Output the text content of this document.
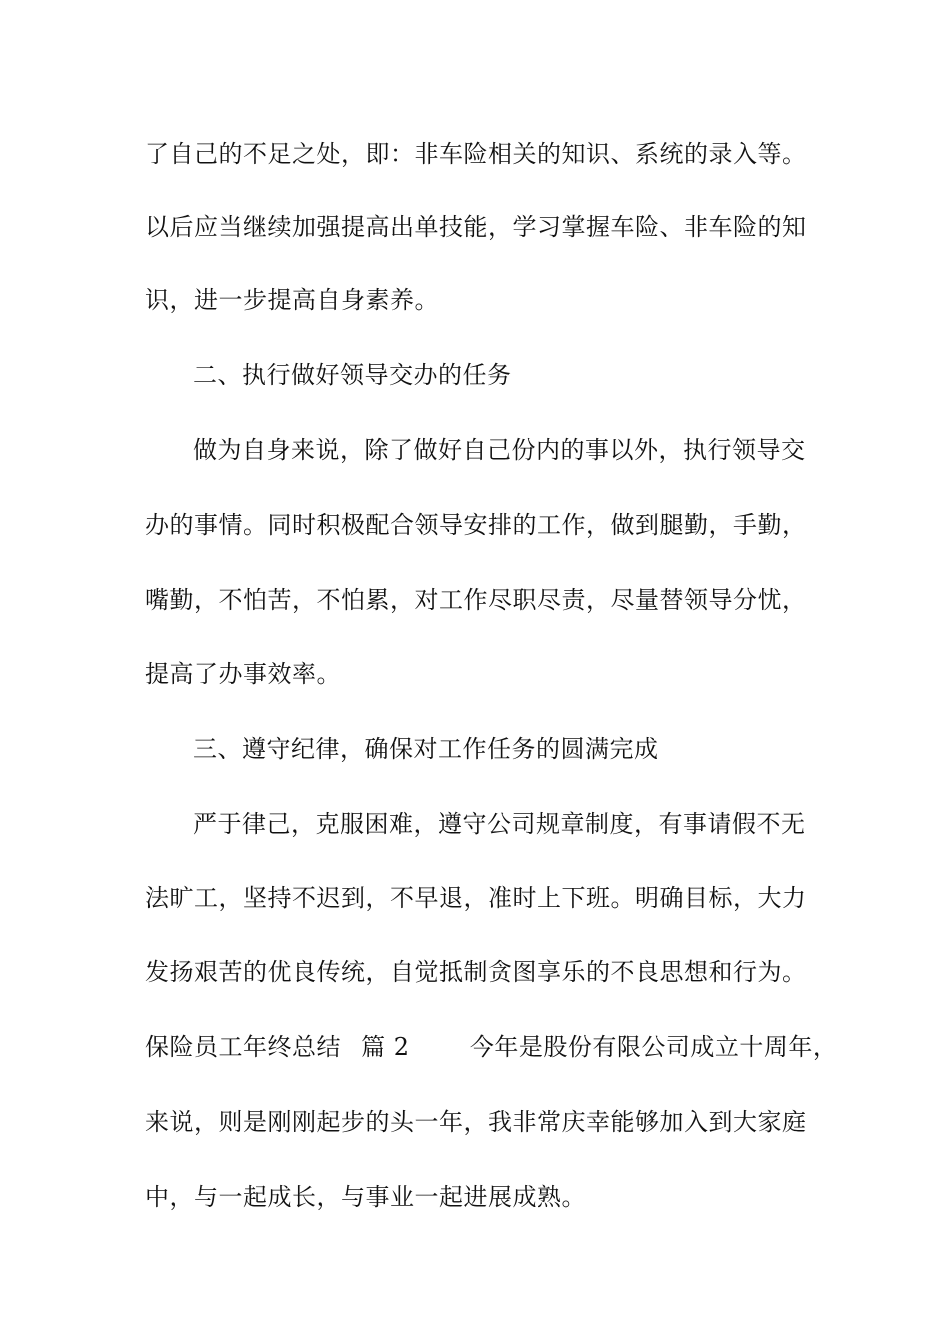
了自己的不足之处，即：非车险相关的知识、系统的录入等。
以后应当继续加强提高出单技能，学习掌握车险、非车险的知
识，进一步提高自身素养。
二、执行做好领导交办的任务
做为自身来说，除了做好自己份内的事以外，执行领导交
办的事情。同时积极配合领导安排的工作，做到腿勤，手勤，
嘴勤，不怕苦，不怕累，对工作尽职尽责，尽量替领导分忧，
提高了办事效率。
三、遵守纪律，确保对工作任务的圆满完成
严于律己，克服困难，遵守公司规章制度，有事请假不无
法旷工，坚持不迟到，不早退，准时上下班。明确目标，大力
发扬艰苦的优良传统，自觉抵制贪图享乐的不良思想和行为。
保险员工年终总结 篇 2	今年是股份有限公司成立十周年，
来说，则是刚刚起步的头一年，我非常庆幸能够加入到大家庭
中，与一起成长，与事业一起进展成熟。
